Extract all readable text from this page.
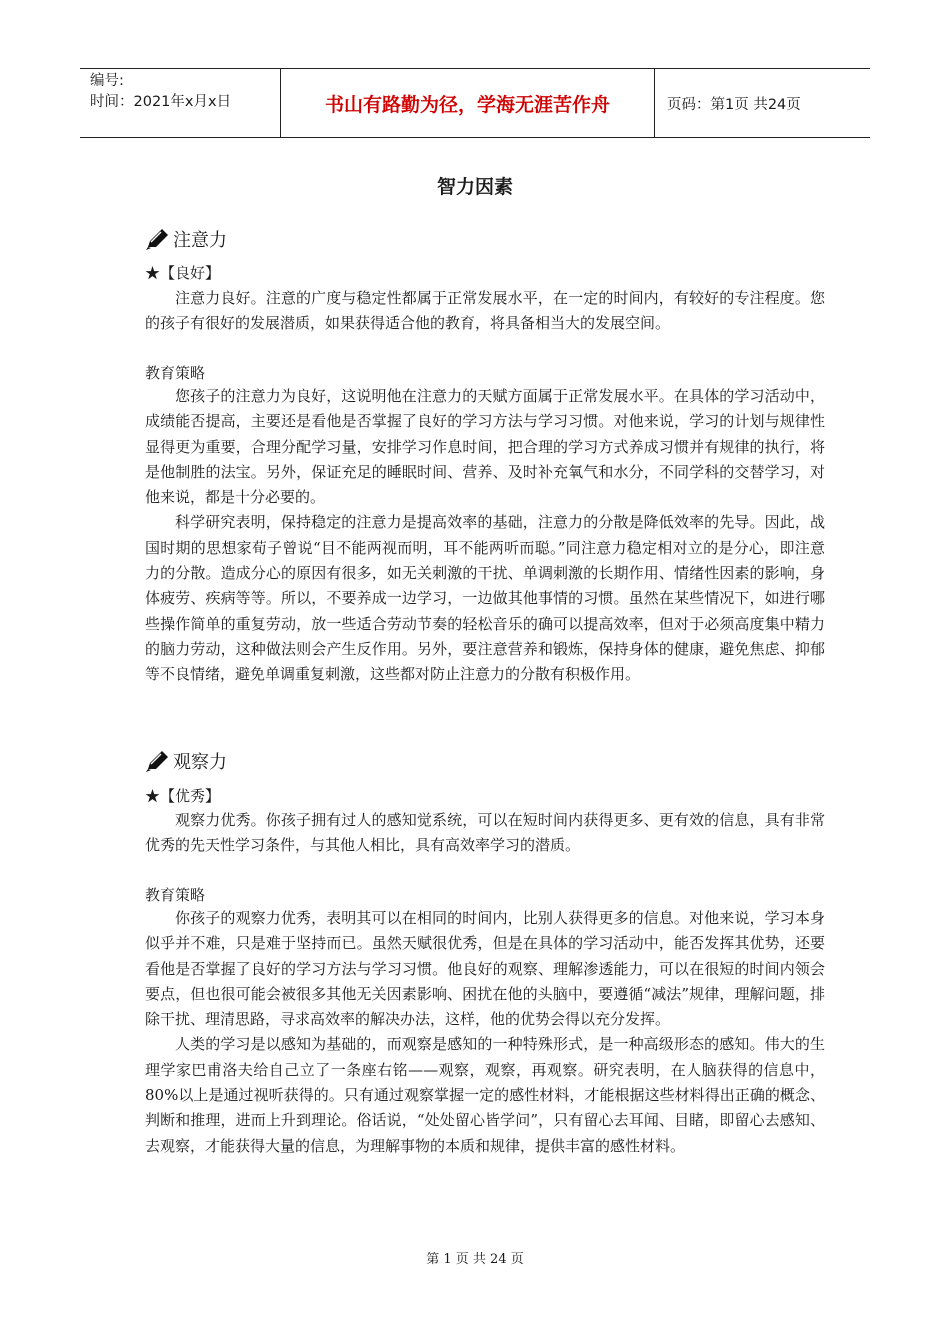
编号:
时间：2021年x月x日	书山有路勤为径，学海无涯苦作舟	页码：第1页 共24页
智力因素
注意力
★【良好】

注意力良好。注意的广度与稳定性都属于正常发展水平，在一定的时间内，有较好的专注程度。您的孩子有很好的发展潜质，如果获得适合他的教育，将具备相当大的发展空间。

教育策略

您孩子的注意力为良好，这说明他在注意力的天赋方面属于正常发展水平。在具体的学习活动中，成绩能否提高，主要还是看他是否掌握了良好的学习方法与学习习惯。对他来说，学习的计划与规律性显得更为重要，合理分配学习量，安排学习作息时间，把合理的学习方式养成习惯并有规律的执行，将是他制胜的法宝。另外，保证充足的睡眠时间、营养、及时补充氧气和水分，不同学科的交替学习，对他来说，都是十分必要的。

科学研究表明，保持稳定的注意力是提高效率的基础，注意力的分散是降低效率的先导。因此，战国时期的思想家荀子曾说“目不能两视而明，耳不能两听而聪。”同注意力稳定相对立的是分心，即注意力的分散。造成分心的原因有很多，如无关刺激的干扰、单调刺激的长期作用、情绪性因素的影响，身体疲劳、疾病等等。所以，不要养成一边学习，一边做其他事情的习惯。虽然在某些情况下，如进行哪些操作简单的重复劳动，放一些适合劳动节奏的轻松音乐的确可以提高效率，但对于必须高度集中精力的脑力劳动，这种做法则会产生反作用。另外，要注意营养和锻炼，保持身体的健康，避免焦虑、抑郁等不良情绪，避免单调重复刺激，这些都对防止注意力的分散有积极作用。

观察力
★【优秀】

观察力优秀。你孩子拥有过人的感知觉系统，可以在短时间内获得更多、更有效的信息，具有非常优秀的先天性学习条件，与其他人相比，具有高效率学习的潜质。

教育策略

你孩子的观察力优秀，表明其可以在相同的时间内，比别人获得更多的信息。对他来说，学习本身似乎并不难，只是难于坚持而已。虽然天赋很优秀，但是在具体的学习活动中，能否发挥其优势，还要看他是否掌握了良好的学习方法与学习习惯。他良好的观察、理解渗透能力，可以在很短的时间内领会要点，但也很可能会被很多其他无关因素影响、困扰在他的头脑中，要遵循“减法”规律，理解问题，排除干扰、理清思路，寻求高效率的解决办法，这样，他的优势会得以充分发挥。

人类的学习是以感知为基础的，而观察是感知的一种特殊形式，是一种高级形态的感知。伟大的生理学家巴甫洛夫给自己立了一条座右铭——观察，观察，再观察。研究表明，在人脑获得的信息中，80%以上是通过视听获得的。只有通过观察掌握一定的感性材料，才能根据这些材料得出正确的概念、判断和推理，进而上升到理论。俗话说，“处处留心皆学问”，只有留心去耳闻、目睹，即留心去感知、去观察，才能获得大量的信息，为理解事物的本质和规律，提供丰富的感性材料。

第 1 页 共 24 页
